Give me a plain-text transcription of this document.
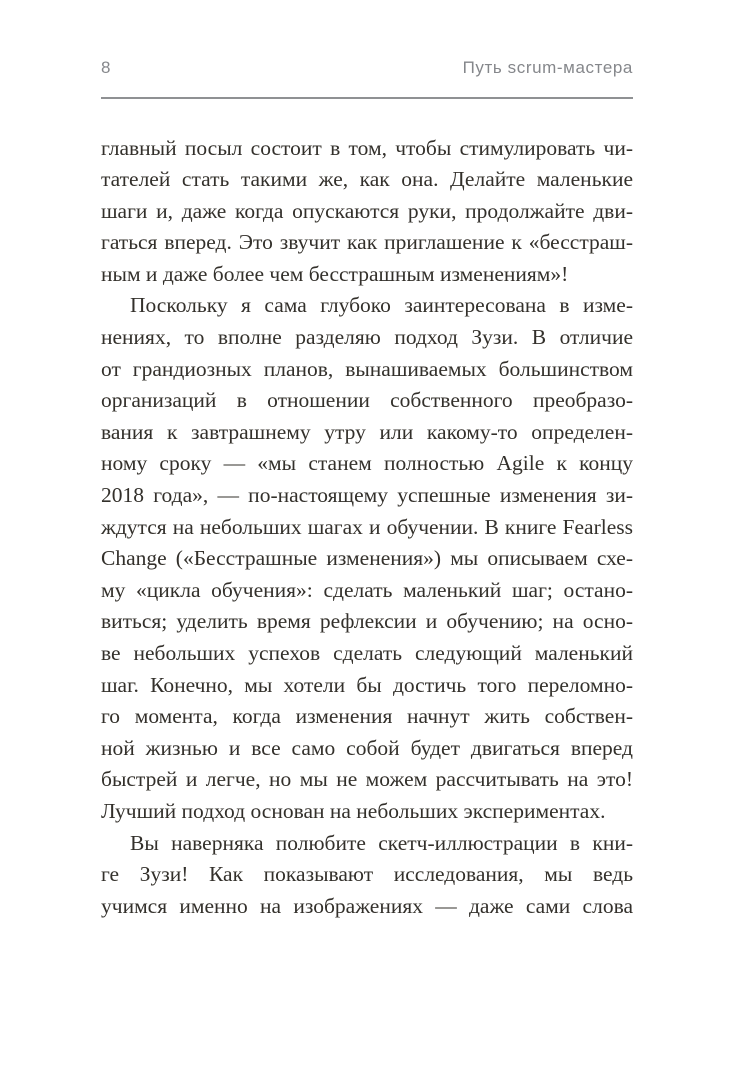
8	Путь scrum-мастера
главный посыл состоит в том, чтобы стимулировать чи-
тателей стать такими же, как она. Делайте маленькие
шаги и, даже когда опускаются руки, продолжайте дви-
гаться вперед. Это звучит как приглашение к «бесстраш-
ным и даже более чем бесстрашным изменениям»!
Поскольку я сама глубоко заинтересована в изме-
нениях, то вполне разделяю подход Зузи. В отличие
от грандиозных планов, вынашиваемых большинством
организаций в отношении собственного преобразо-
вания к завтрашнему утру или какому-то определен-
ному сроку — «мы станем полностью Agile к концу
2018 года», — по-настоящему успешные изменения зи-
ждутся на небольших шагах и обучении. В книге Fearless
Change («Бесстрашные изменения») мы описываем схе-
му «цикла обучения»: сделать маленький шаг; остано-
виться; уделить время рефлексии и обучению; на осно-
ве небольших успехов сделать следующий маленький
шаг. Конечно, мы хотели бы достичь того переломно-
го момента, когда изменения начнут жить собствен-
ной жизнью и все само собой будет двигаться вперед
быстрей и легче, но мы не можем рассчитывать на это!
Лучший подход основан на небольших экспериментах.
Вы наверняка полюбите скетч-иллюстрации в кни-
ге Зузи! Как показывают исследования, мы ведь
учимся именно на изображениях — даже сами слова
